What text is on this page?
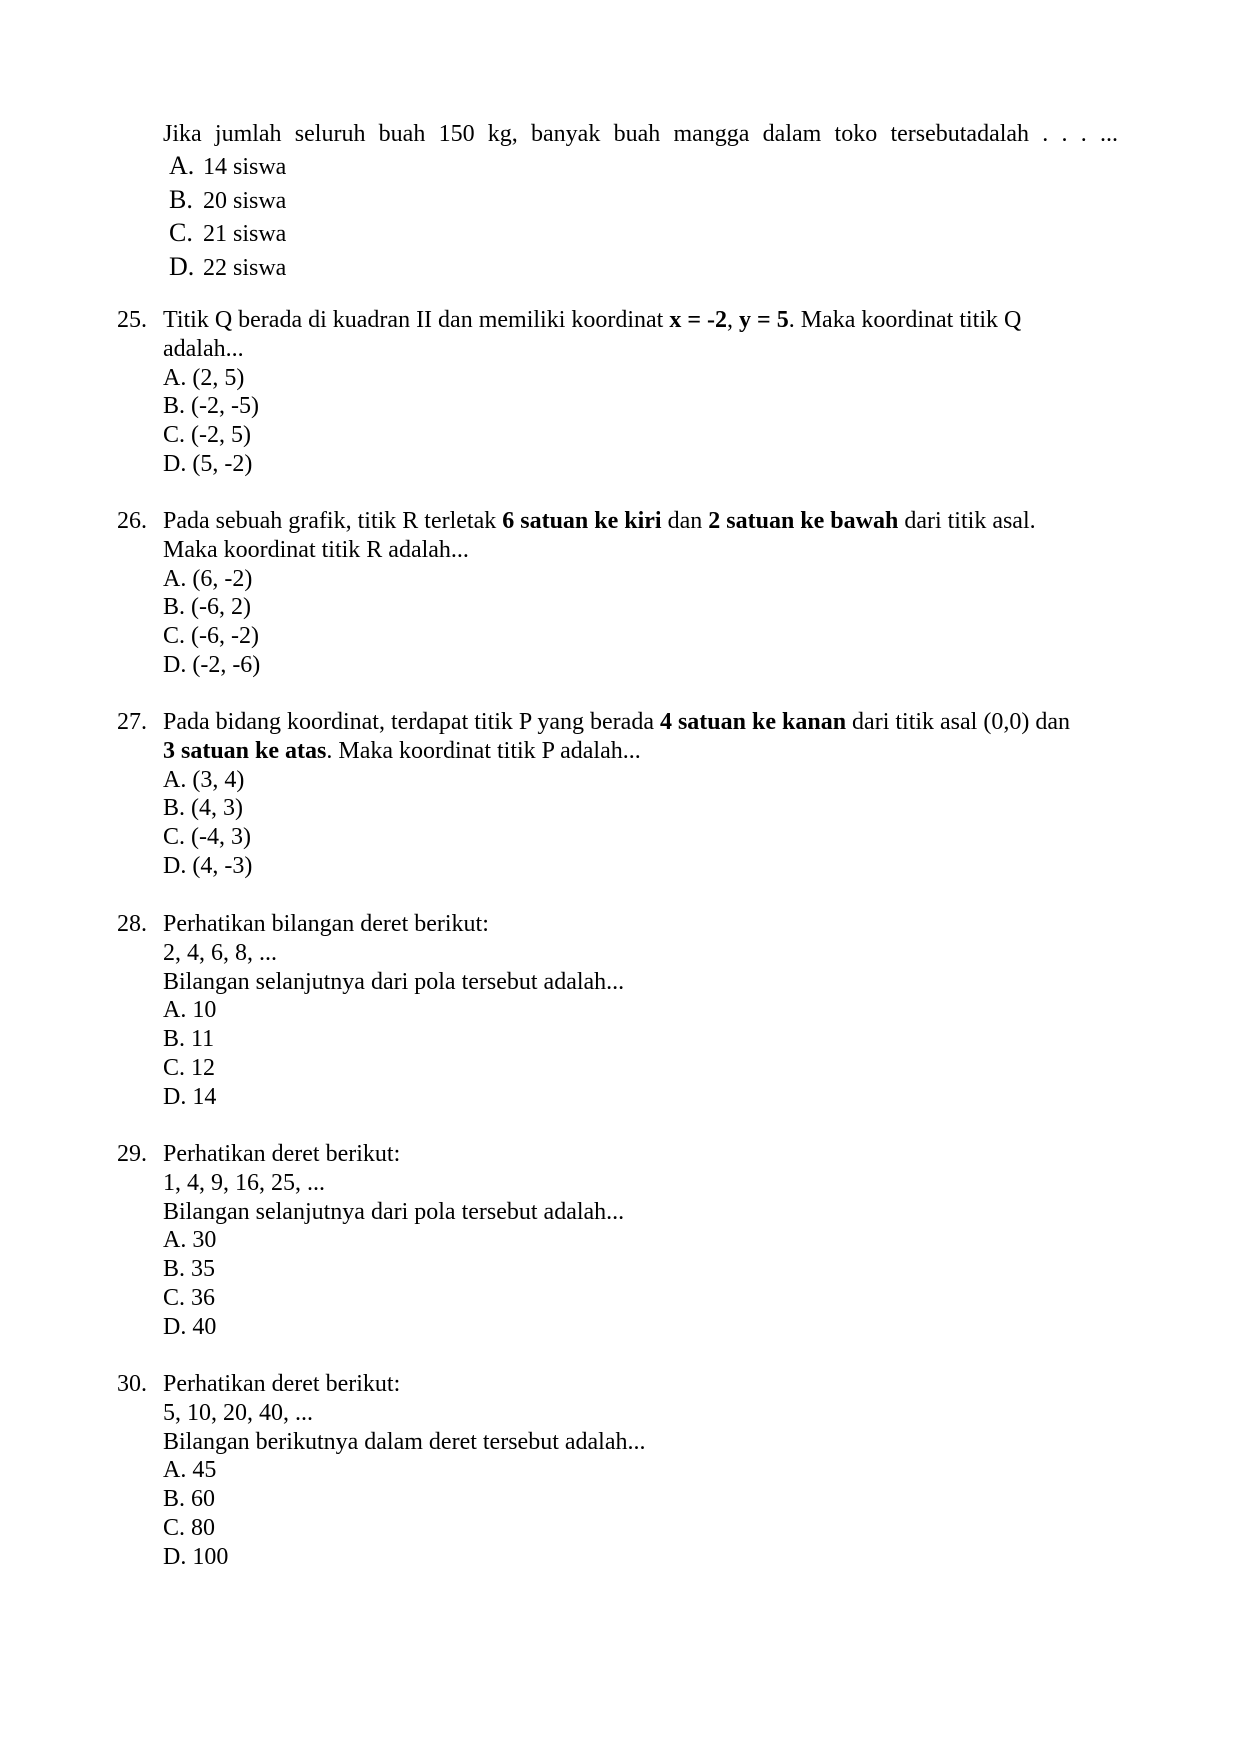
Jika jumlah seluruh buah 150 kg, banyak buah mangga dalam toko tersebutadalah . . . ...
A. 14 siswa
B. 20 siswa
C. 21 siswa
D. 22 siswa
25. Titik Q berada di kuadran II dan memiliki koordinat x = -2, y = 5. Maka koordinat titik Q
adalah...
A. (2, 5)
B. (-2, -5)
C. (-2, 5)
D. (5, -2)
26. Pada sebuah grafik, titik R terletak 6 satuan ke kiri dan 2 satuan ke bawah dari titik asal.
Maka koordinat titik R adalah...
A. (6, -2)
B. (-6, 2)
C. (-6, -2)
D. (-2, -6)
27. Pada bidang koordinat, terdapat titik P yang berada 4 satuan ke kanan dari titik asal (0,0) dan
3 satuan ke atas. Maka koordinat titik P adalah...
A. (3, 4)
B. (4, 3)
C. (-4, 3)
D. (4, -3)
28. Perhatikan bilangan deret berikut:
2, 4, 6, 8, ...
Bilangan selanjutnya dari pola tersebut adalah...
A. 10
B. 11
C. 12
D. 14
29. Perhatikan deret berikut:
1, 4, 9, 16, 25, ...
Bilangan selanjutnya dari pola tersebut adalah...
A. 30
B. 35
C. 36
D. 40
30. Perhatikan deret berikut:
5, 10, 20, 40, ...
Bilangan berikutnya dalam deret tersebut adalah...
A. 45
B. 60
C. 80
D. 100
